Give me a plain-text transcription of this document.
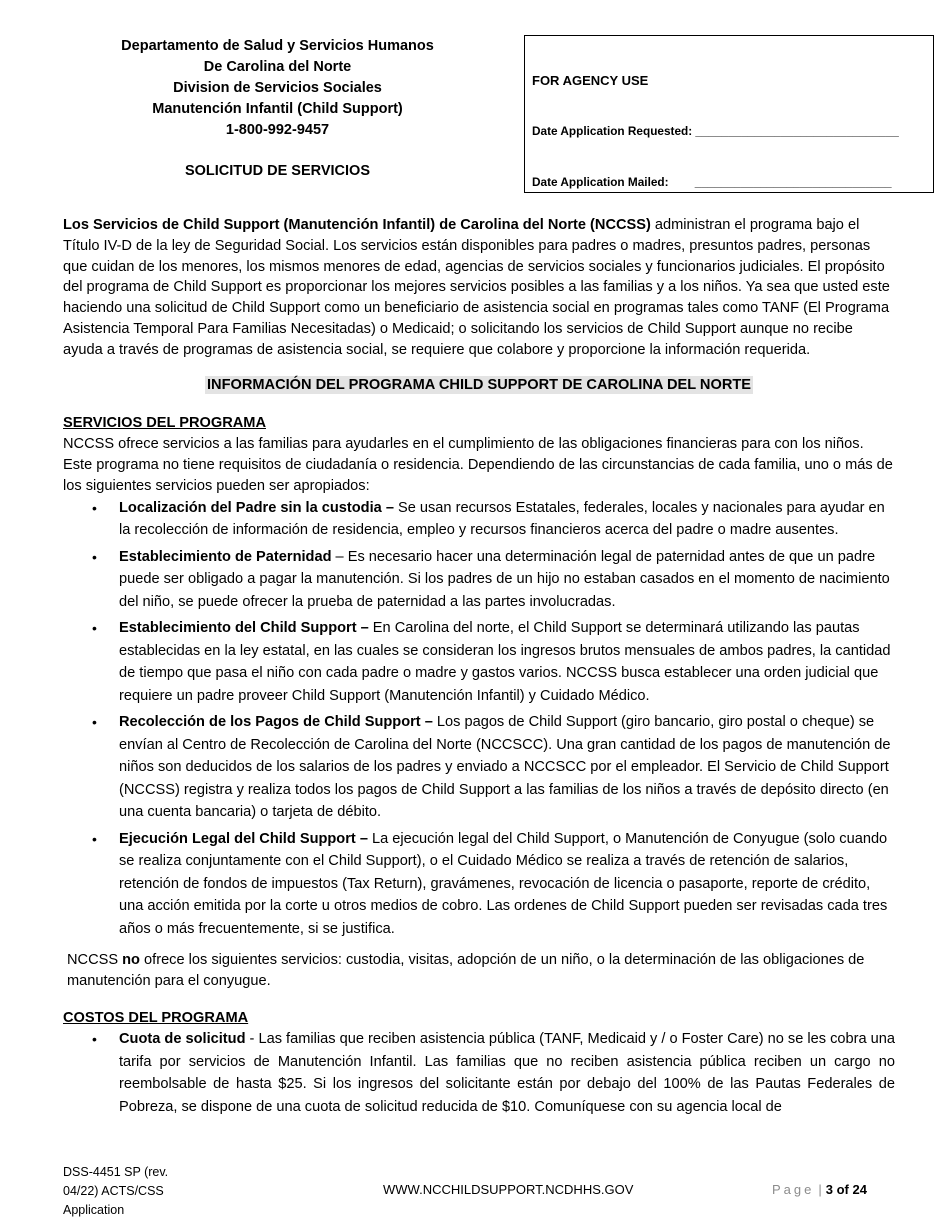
Departamento de Salud y Servicios Humanos
De Carolina del Norte
Division de Servicios Sociales
Manutención Infantil (Child Support)
1-800-992-9457
SOLICITUD DE SERVICIOS

FOR AGENCY USE

Date Application Requested: _______________________________

Date Application Mailed:        ______________________________

Los Servicios de Child Support (Manutención Infantil) de Carolina del Norte (NCCSS) administran el programa bajo el Título IV-D de la ley de Seguridad Social. Los servicios están disponibles para padres o madres, presuntos padres, personas que cuidan de los menores, los mismos menores de edad, agencias de servicios sociales y funcionarios judiciales. El propósito del programa de Child Support es proporcionar los mejores servicios posibles a las familias y a los niños. Ya sea que usted este haciendo una solicitud de Child Support como un beneficiario de asistencia social en programas tales como TANF (El Programa Asistencia Temporal Para Familias Necesitadas) o Medicaid; o solicitando los servicios de Child Support aunque no recibe ayuda a través de programas de asistencia social, se requiere que colabore y proporcione la información requerida.

INFORMACIÓN DEL PROGRAMA CHILD SUPPORT DE CAROLINA DEL NORTE

SERVICIOS DEL PROGRAMA

NCCSS ofrece servicios a las familias para ayudarles en el cumplimiento de las obligaciones financieras para con los niños. Este programa no tiene requisitos de ciudadanía o residencia. Dependiendo de las circunstancias de cada familia, uno o más de los siguientes servicios pueden ser apropiados:

• Localización del Padre sin la custodia – Se usan recursos Estatales, federales, locales y nacionales para ayudar en la recolección de información de residencia, empleo y recursos financieros acerca del padre o madre ausentes.
• Establecimiento de Paternidad – Es necesario hacer una determinación legal de paternidad antes de que un padre puede ser obligado a pagar la manutención. Si los padres de un hijo no estaban casados en el momento de nacimiento del niño, se puede ofrecer la prueba de paternidad a las partes involucradas.
• Establecimiento del Child Support – En Carolina del norte, el Child Support se determinará utilizando las pautas establecidas en la ley estatal, en las cuales se consideran los ingresos brutos mensuales de ambos padres, la cantidad de tiempo que pasa el niño con cada padre o madre y gastos varios. NCCSS busca establecer una orden judicial que requiere un padre proveer Child Support (Manutención Infantil) y Cuidado Médico.
• Recolección de los Pagos de Child Support – Los pagos de Child Support (giro bancario, giro postal o cheque) se envían al Centro de Recolección de Carolina del Norte (NCCSCC). Una gran cantidad de los pagos de manutención de niños son deducidos de los salarios de los padres y enviado a NCCSCC por el empleador. El Servicio de Child Support (NCCSS) registra y realiza todos los pagos de Child Support a las familias de los niños a través de depósito directo (en una cuenta bancaria) o tarjeta de débito.
• Ejecución Legal del Child Support – La ejecución legal del Child Support, o Manutención de Conyugue (solo cuando se realiza conjuntamente con el Child Support), o el Cuidado Médico se realiza a través de retención de salarios, retención de fondos de impuestos (Tax Return), gravámenes, revocación de licencia o pasaporte, reporte de crédito, una acción emitida por la corte u otros medios de cobro. Las ordenes de Child Support pueden ser revisadas cada tres años o más frecuentemente, si se justifica.

NCCSS no ofrece los siguientes servicios: custodia, visitas, adopción de un niño, o la determinación de las obligaciones de manutención para el conyugue.

COSTOS DEL PROGRAMA

• Cuota de solicitud - Las familias que reciben asistencia pública (TANF, Medicaid y / o Foster Care) no se les cobra una tarifa por servicios de Manutención Infantil. Las familias que no reciben asistencia pública reciben un cargo no reembolsable de hasta $25. Si los ingresos del solicitante están por debajo del 100% de las Pautas Federales de Pobreza, se dispone de una cuota de solicitud reducida de $10. Comuníquese con su agencia local de
DSS-4451 SP (rev.
04/22) ACTS/CSS
Application
WWW.NCCHILDSUPPORT.NCDHHS.GOV	Page | 3 of 24
